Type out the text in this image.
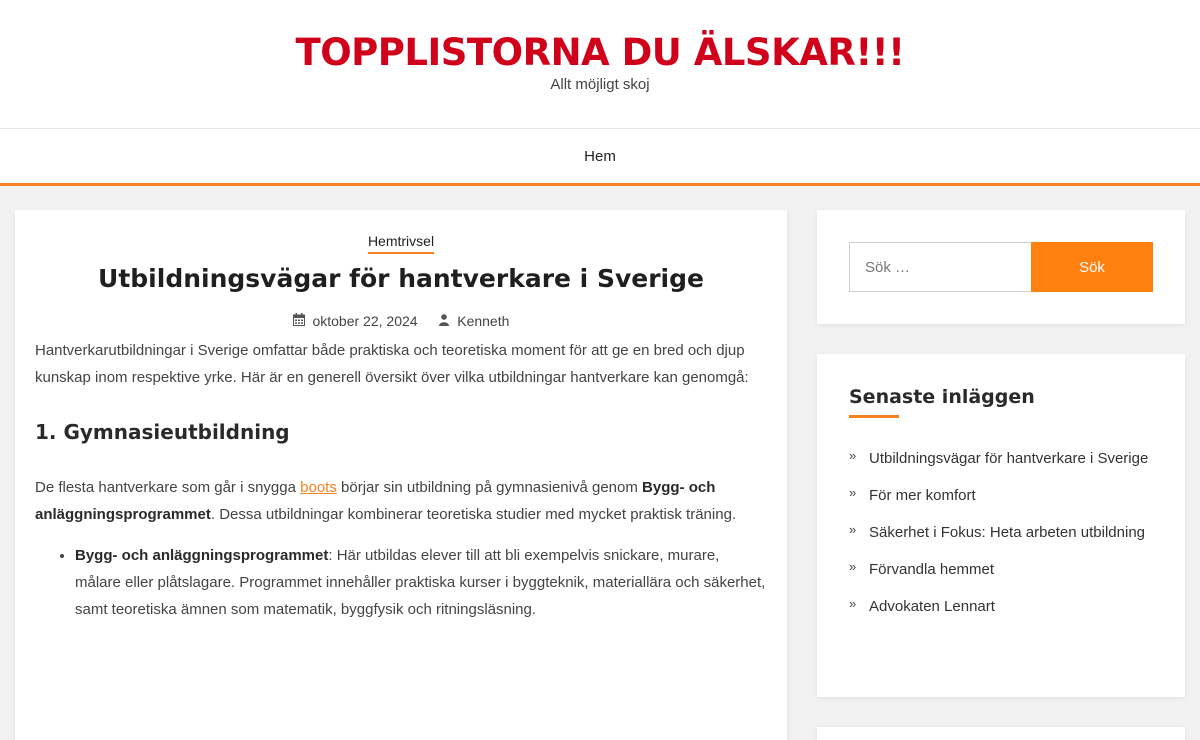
TOPPLISTORNA DU ÄLSKAR!!!
Allt möjligt skoj
Hem
Hemtrivsel
Utbildningsvägar för hantverkare i Sverige
oktober 22, 2024	Kenneth

Hantverkarutbildningar i Sverige omfattar både praktiska och teoretiska moment för att ge en bred och djup kunskap inom respektive yrke. Här är en generell översikt över vilka utbildningar hantverkare kan genomgå:

1. Gymnasieutbildning

De flesta hantverkare som går i snygga boots börjar sin utbildning på gymnasienivå genom Bygg- och anläggningsprogrammet. Dessa utbildningar kombinerar teoretiska studier med mycket praktisk träning.

• Bygg- och anläggningsprogrammet: Här utbildas elever till att bli exempelvis snickare, murare, målare eller plåtslagare. Programmet innehåller praktiska kurser i byggteknik, materiallära och säkerhet, samt teoretiska ämnen som matematik, byggfysik och ritningsläsning.
Sök …
Sök
Senaste inläggen
» Utbildningsvägar för hantverkare i Sverige
» För mer komfort
» Säkerhet i Fokus: Heta arbeten utbildning
» Förvandla hemmet
» Advokaten Lennart
